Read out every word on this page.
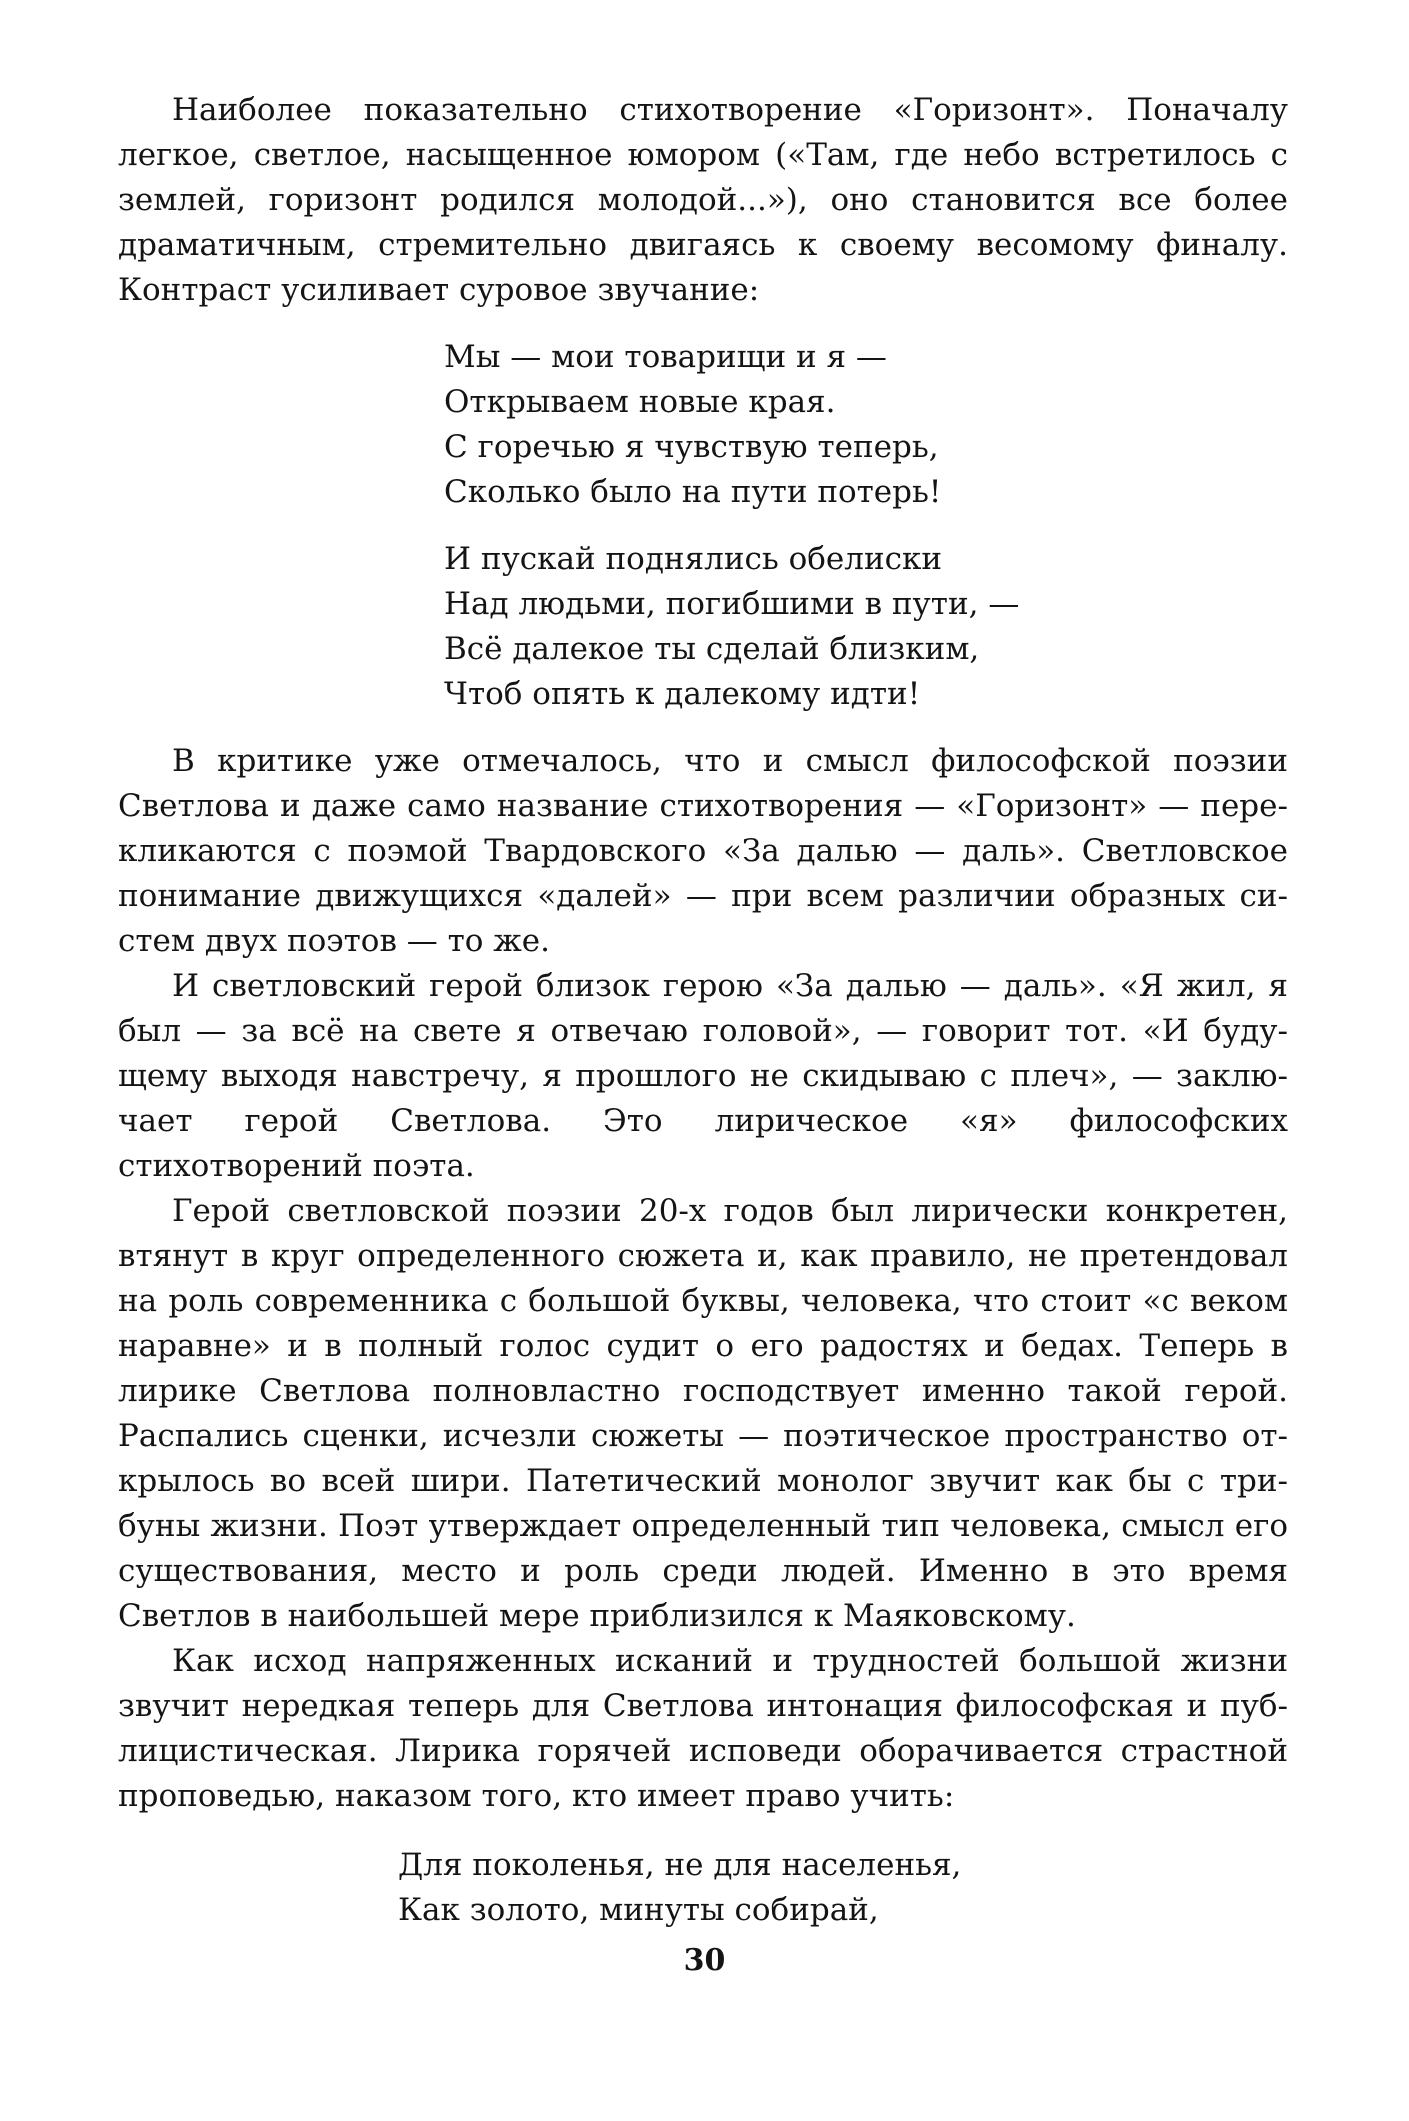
Наиболее показательно стихотворение «Горизонт». Поначалу легкое, светлое, насыщенное юмором («Там, где небо встретилось с землей, горизонт родился молодой...»), оно становится все более драматичным, стремительно двигаясь к своему весомому финалу. Контраст усиливает суровое звучание:

Мы — мои товарищи и я —
Открываем новые края.
С горечью я чувствую теперь,
Сколько было на пути потерь!
И пускай поднялись обелиски
Над людьми, погибшими в пути, —
Всё далекое ты сделай близким,
Чтоб опять к далекому идти!

В критике уже отмечалось, что и смысл философской поэзии Светлова и даже само название стихотворения — «Горизонт» — перекликаются с поэмой Твардовского «За далью — даль». Светловское понимание движущихся «далей» — при всем различии образных систем двух поэтов — то же.

И светловский герой близок герою «За далью — даль». «Я жил, я был — за всё на свете я отвечаю головой», — говорит тот. «И будущему выходя навстречу, я прошлого не скидываю с плеч», — заключает герой Светлова. Это лирическое «я» философских стихотворений поэта.

Герой светловской поэзии 20-х годов был лирически конкретен, втянут в круг определенного сюжета и, как правило, не претендовал на роль современника с большой буквы, человека, что стоит «с веком наравне» и в полный голос судит о его радостях и бедах. Теперь в лирике Светлова полновластно господствует именно такой герой. Распались сценки, исчезли сюжеты — поэтическое пространство открылось во всей шири. Патетический монолог звучит как бы с трибуны жизни. Поэт утверждает определенный тип человека, смысл его существования, место и роль среди людей. Именно в это время Светлов в наибольшей мере приблизился к Маяковскому.

Как исход напряженных исканий и трудностей большой жизни звучит нередкая теперь для Светлова интонация философская и публицистическая. Лирика горячей исповеди оборачивается страстной проповедью, наказом того, кто имеет право учить:

Для поколенья, не для населенья,
Как золото, минуты собирай,
30
